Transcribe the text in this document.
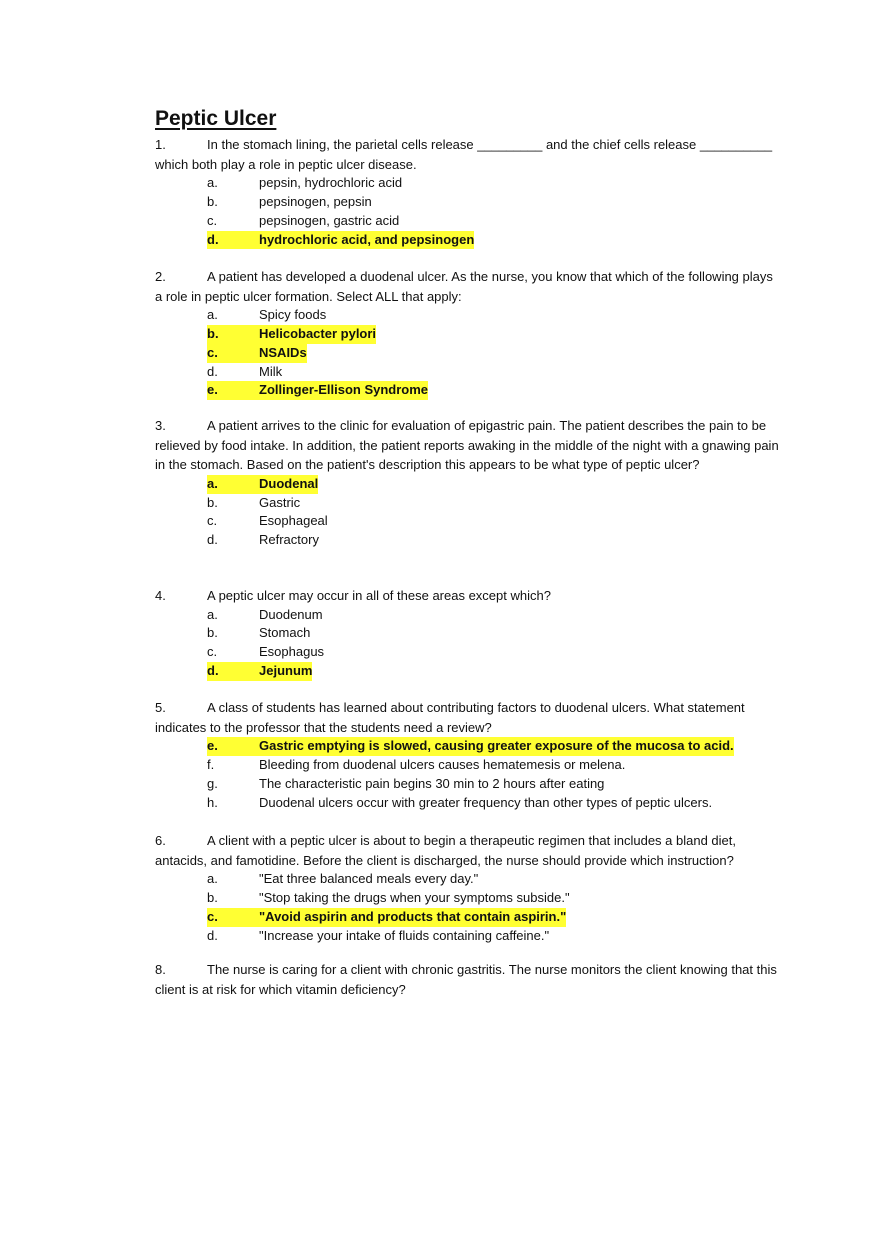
Peptic Ulcer

1.	In the stomach lining, the parietal cells release _________ and the chief cells release __________ which both play a role in peptic ulcer disease.

a.	pepsin, hydrochloric acid
b.	pepsinogen, pepsin
c.	pepsinogen, gastric acid
d.	hydrochloric acid, and pepsinogen

2.	A patient has developed a duodenal ulcer. As the nurse, you know that which of the following plays a role in peptic ulcer formation. Select ALL that apply:

a.	Spicy foods
b.	Helicobacter pylori
c.	NSAIDs
d.	Milk
e.	Zollinger-Ellison Syndrome

3.	A patient arrives to the clinic for evaluation of epigastric pain. The patient describes the pain to be relieved by food intake. In addition, the patient reports awaking in the middle of the night with a gnawing pain in the stomach. Based on the patient's description this appears to be what type of peptic ulcer?

a.	Duodenal
b.	Gastric
c.	Esophageal
d.	Refractory

4.	A peptic ulcer may occur in all of these areas except which?

a.	Duodenum
b.	Stomach
c.	Esophagus
d.	Jejunum

5.	A class of students has learned about contributing factors to duodenal ulcers. What statement indicates to the professor that the students need a review?

e.	Gastric emptying is slowed, causing greater exposure of the mucosa to acid.
f.	Bleeding from duodenal ulcers causes hematemesis or melena.
g.	The characteristic pain begins 30 min to 2 hours after eating
h.	Duodenal ulcers occur with greater frequency than other types of peptic ulcers.

6.	A client with a peptic ulcer is about to begin a therapeutic regimen that includes a bland diet, antacids, and famotidine. Before the client is discharged, the nurse should provide which instruction?

a.	"Eat three balanced meals every day."
b.	"Stop taking the drugs when your symptoms subside."
c.	"Avoid aspirin and products that contain aspirin."
d.	"Increase your intake of fluids containing caffeine."

8.	The nurse is caring for a client with chronic gastritis. The nurse monitors the client knowing that this client is at risk for which vitamin deficiency?
